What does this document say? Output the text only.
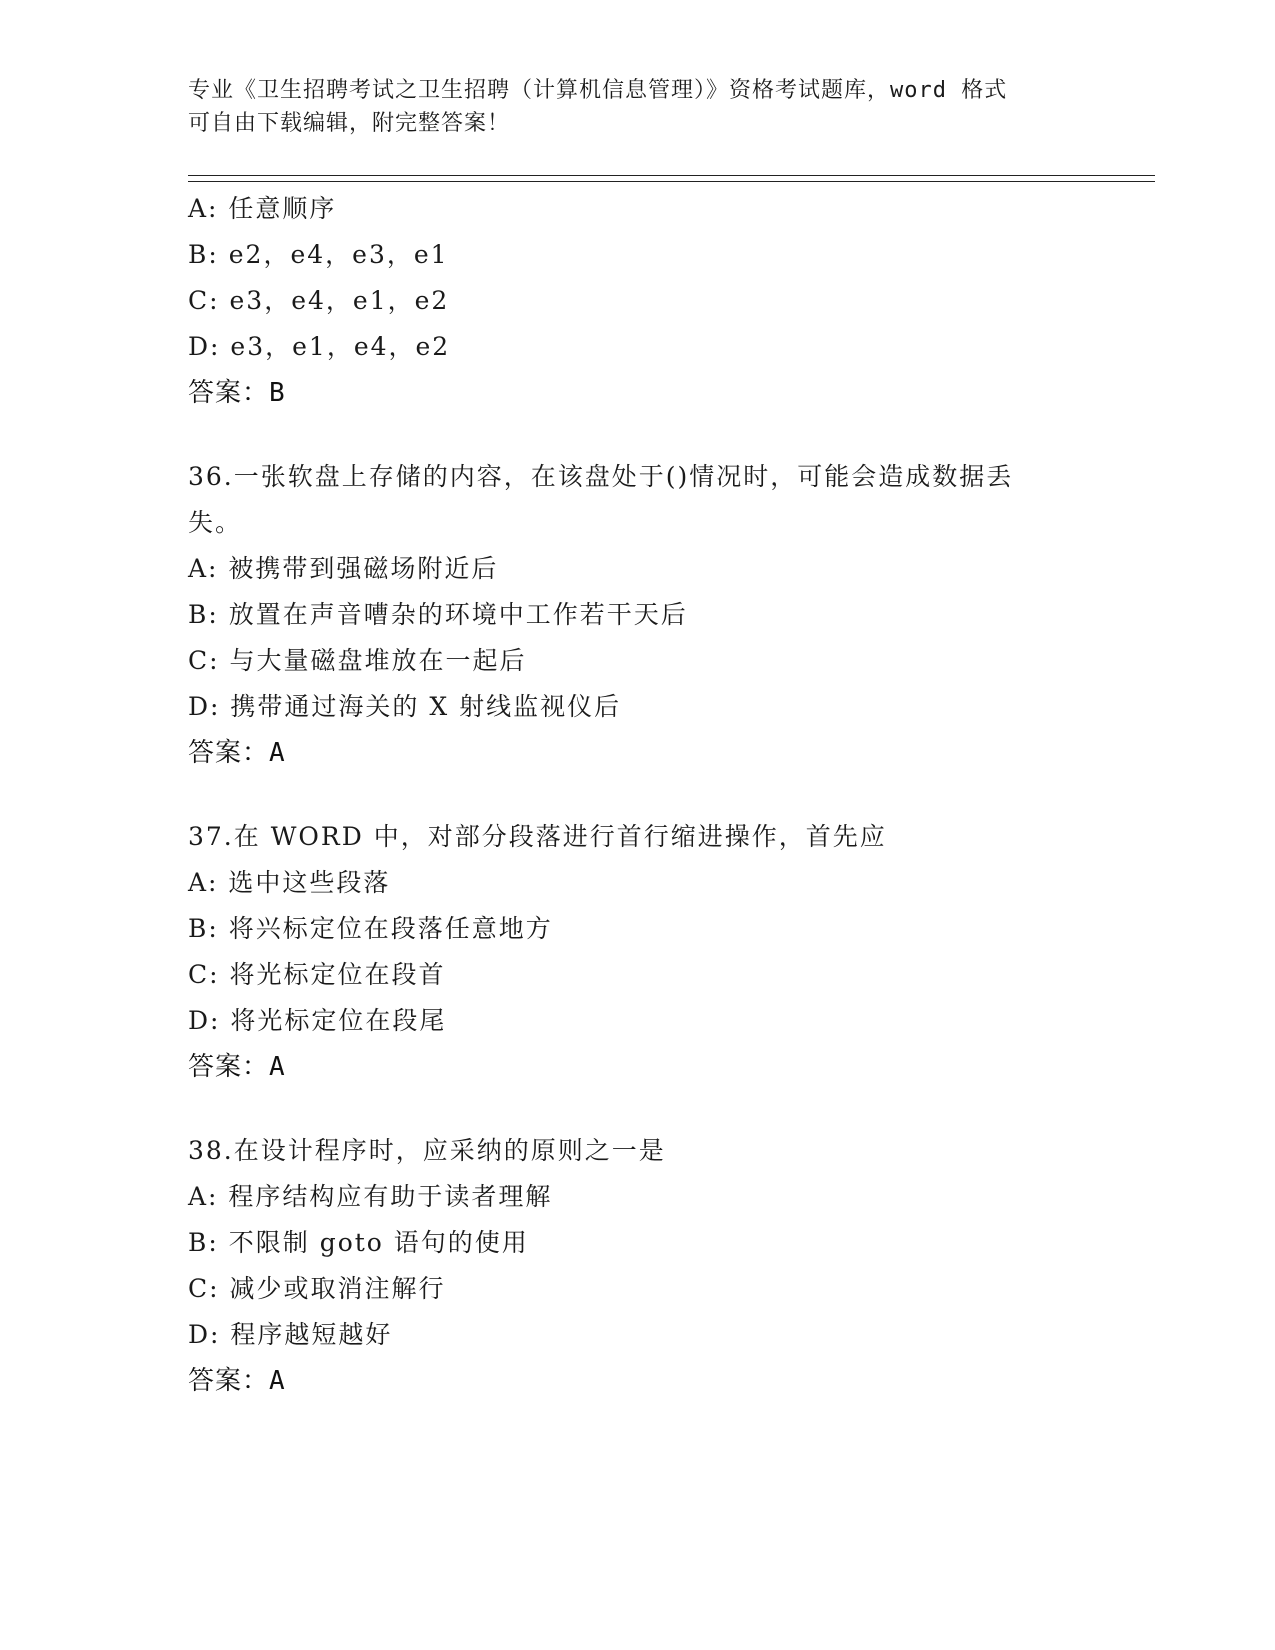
专业《卫生招聘考试之卫生招聘（计算机信息管理）》资格考试题库，word 格式
可自由下载编辑，附完整答案！
A: 任意顺序
B: e2，e4，e3，e1
C: e3，e4，e1，e2
D: e3，e1，e4，e2
答案：B
36.一张软盘上存储的内容，在该盘处于()情况时，可能会造成数据丢
失。
A: 被携带到强磁场附近后
B: 放置在声音嘈杂的环境中工作若干天后
C: 与大量磁盘堆放在一起后
D: 携带通过海关的 X 射线监视仪后
答案：A
37.在 WORD 中，对部分段落进行首行缩进操作，首先应
A: 选中这些段落
B: 将兴标定位在段落任意地方
C: 将光标定位在段首
D: 将光标定位在段尾
答案：A
38.在设计程序时，应采纳的原则之一是
A: 程序结构应有助于读者理解
B: 不限制 goto 语句的使用
C: 减少或取消注解行
D: 程序越短越好
答案：A
